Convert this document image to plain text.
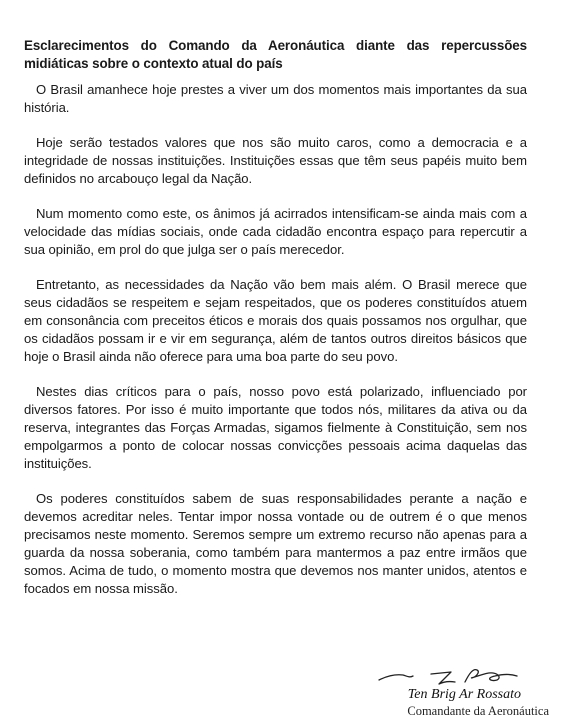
Esclarecimentos do Comando da Aeronáutica diante das repercussões midiáticas sobre o contexto atual do país

O Brasil amanhece hoje prestes a viver um dos momentos mais importantes da sua história.

Hoje serão testados valores que nos são muito caros, como a democracia e a integridade de nossas instituições. Instituições essas que têm seus papéis muito bem definidos no arcabouço legal da Nação.

Num momento como este, os ânimos já acirrados intensificam-se ainda mais com a velocidade das mídias sociais, onde cada cidadão encontra espaço para repercutir a sua opinião, em prol do que julga ser o país merecedor.

Entretanto, as necessidades da Nação vão bem mais além. O Brasil merece que seus cidadãos se respeitem e sejam respeitados, que os poderes constituídos atuem em consonância com preceitos éticos e morais dos quais possamos nos orgulhar, que os cidadãos possam ir e vir em segurança, além de tantos outros direitos básicos que hoje o Brasil ainda não oferece para uma boa parte do seu povo.

Nestes dias críticos para o país, nosso povo está polarizado, influenciado por diversos fatores. Por isso é muito importante que todos nós, militares da ativa ou da reserva, integrantes das Forças Armadas, sigamos fielmente à Constituição, sem nos empolgarmos a ponto de colocar nossas convicções pessoais acima daquelas das instituições.

Os poderes constituídos sabem de suas responsabilidades perante a nação e devemos acreditar neles. Tentar impor nossa vontade ou de outrem é o que menos precisamos neste momento. Seremos sempre um extremo recurso não apenas para a guarda da nossa soberania, como também para mantermos a paz entre irmãos que somos. Acima de tudo, o momento mostra que devemos nos manter unidos, atentos e focados em nossa missão.

Ten Brig Ar Rossato
Comandante da Aeronáutica
